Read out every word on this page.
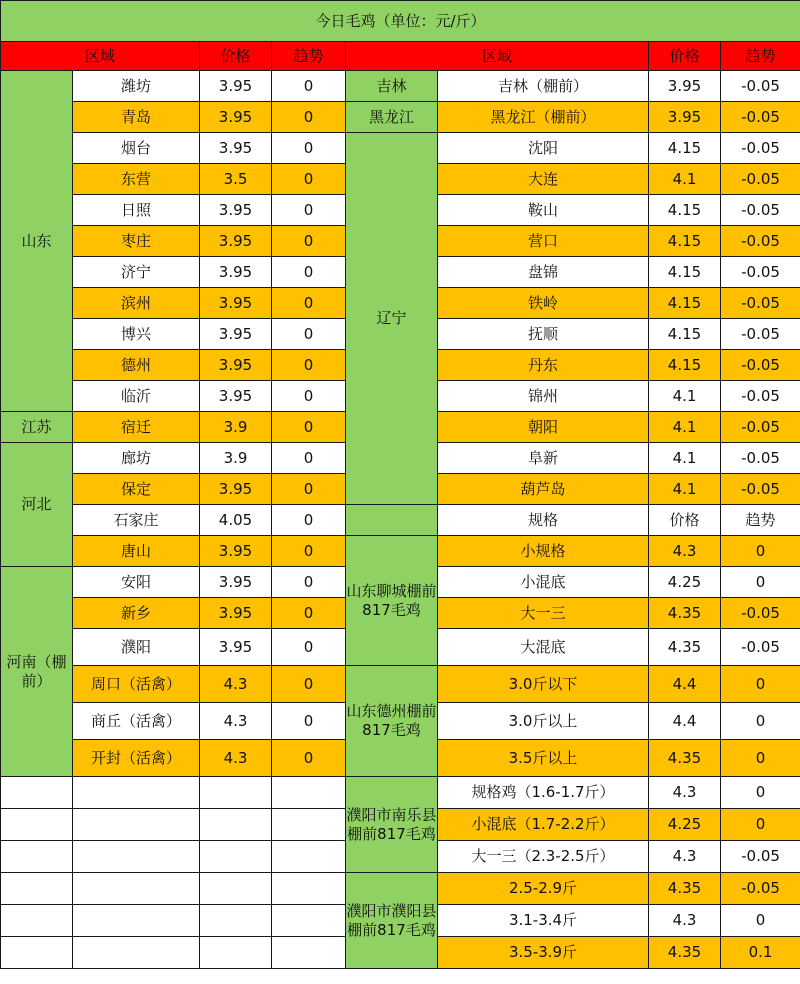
今日毛鸡（单位：元/斤）							
区域		价格	趋势	区域		价格	趋势
山东	潍坊	3.95	0	吉林	吉林（棚前）	3.95	-0.05
	青岛	3.95	0	黑龙江	黑龙江（棚前）	3.95	-0.05
	烟台	3.95	0	辽宁	沈阳	4.15	-0.05
	东营	3.5	0		大连	4.1	-0.05
	日照	3.95	0		鞍山	4.15	-0.05
	枣庄	3.95	0		营口	4.15	-0.05
	济宁	3.95	0		盘锦	4.15	-0.05
	滨州	3.95	0		铁岭	4.15	-0.05
	博兴	3.95	0		抚顺	4.15	-0.05
	德州	3.95	0		丹东	4.15	-0.05
	临沂	3.95	0		锦州	4.1	-0.05
江苏	宿迁	3.9	0		朝阳	4.1	-0.05
河北	廊坊	3.9	0		阜新	4.1	-0.05
	保定	3.95	0		葫芦岛	4.1	-0.05
	石家庄	4.05	0		规格	价格	趋势
	唐山	3.95	0	山东聊城棚前817毛鸡	小规格	4.3	0
河南（棚前）	安阳	3.95	0		小混底	4.25	0
	新乡	3.95	0		大一三	4.35	-0.05
	濮阳	3.95	0		大混底	4.35	-0.05
	周口（活禽）	4.3	0	山东德州棚前817毛鸡	3.0斤以下	4.4	0
	商丘（活禽）	4.3	0		3.0斤以上	4.4	0
	开封（活禽）	4.3	0		3.5斤以上	4.35	0
				濮阳市南乐县棚前817毛鸡	规格鸡（1.6-1.7斤）	4.3	0
					小混底（1.7-2.2斤）	4.25	0
					大一三（2.3-2.5斤）	4.3	-0.05
				濮阳市濮阳县棚前817毛鸡	2.5-2.9斤	4.35	-0.05
					3.1-3.4斤	4.3	0
					3.5-3.9斤	4.35	0.1
